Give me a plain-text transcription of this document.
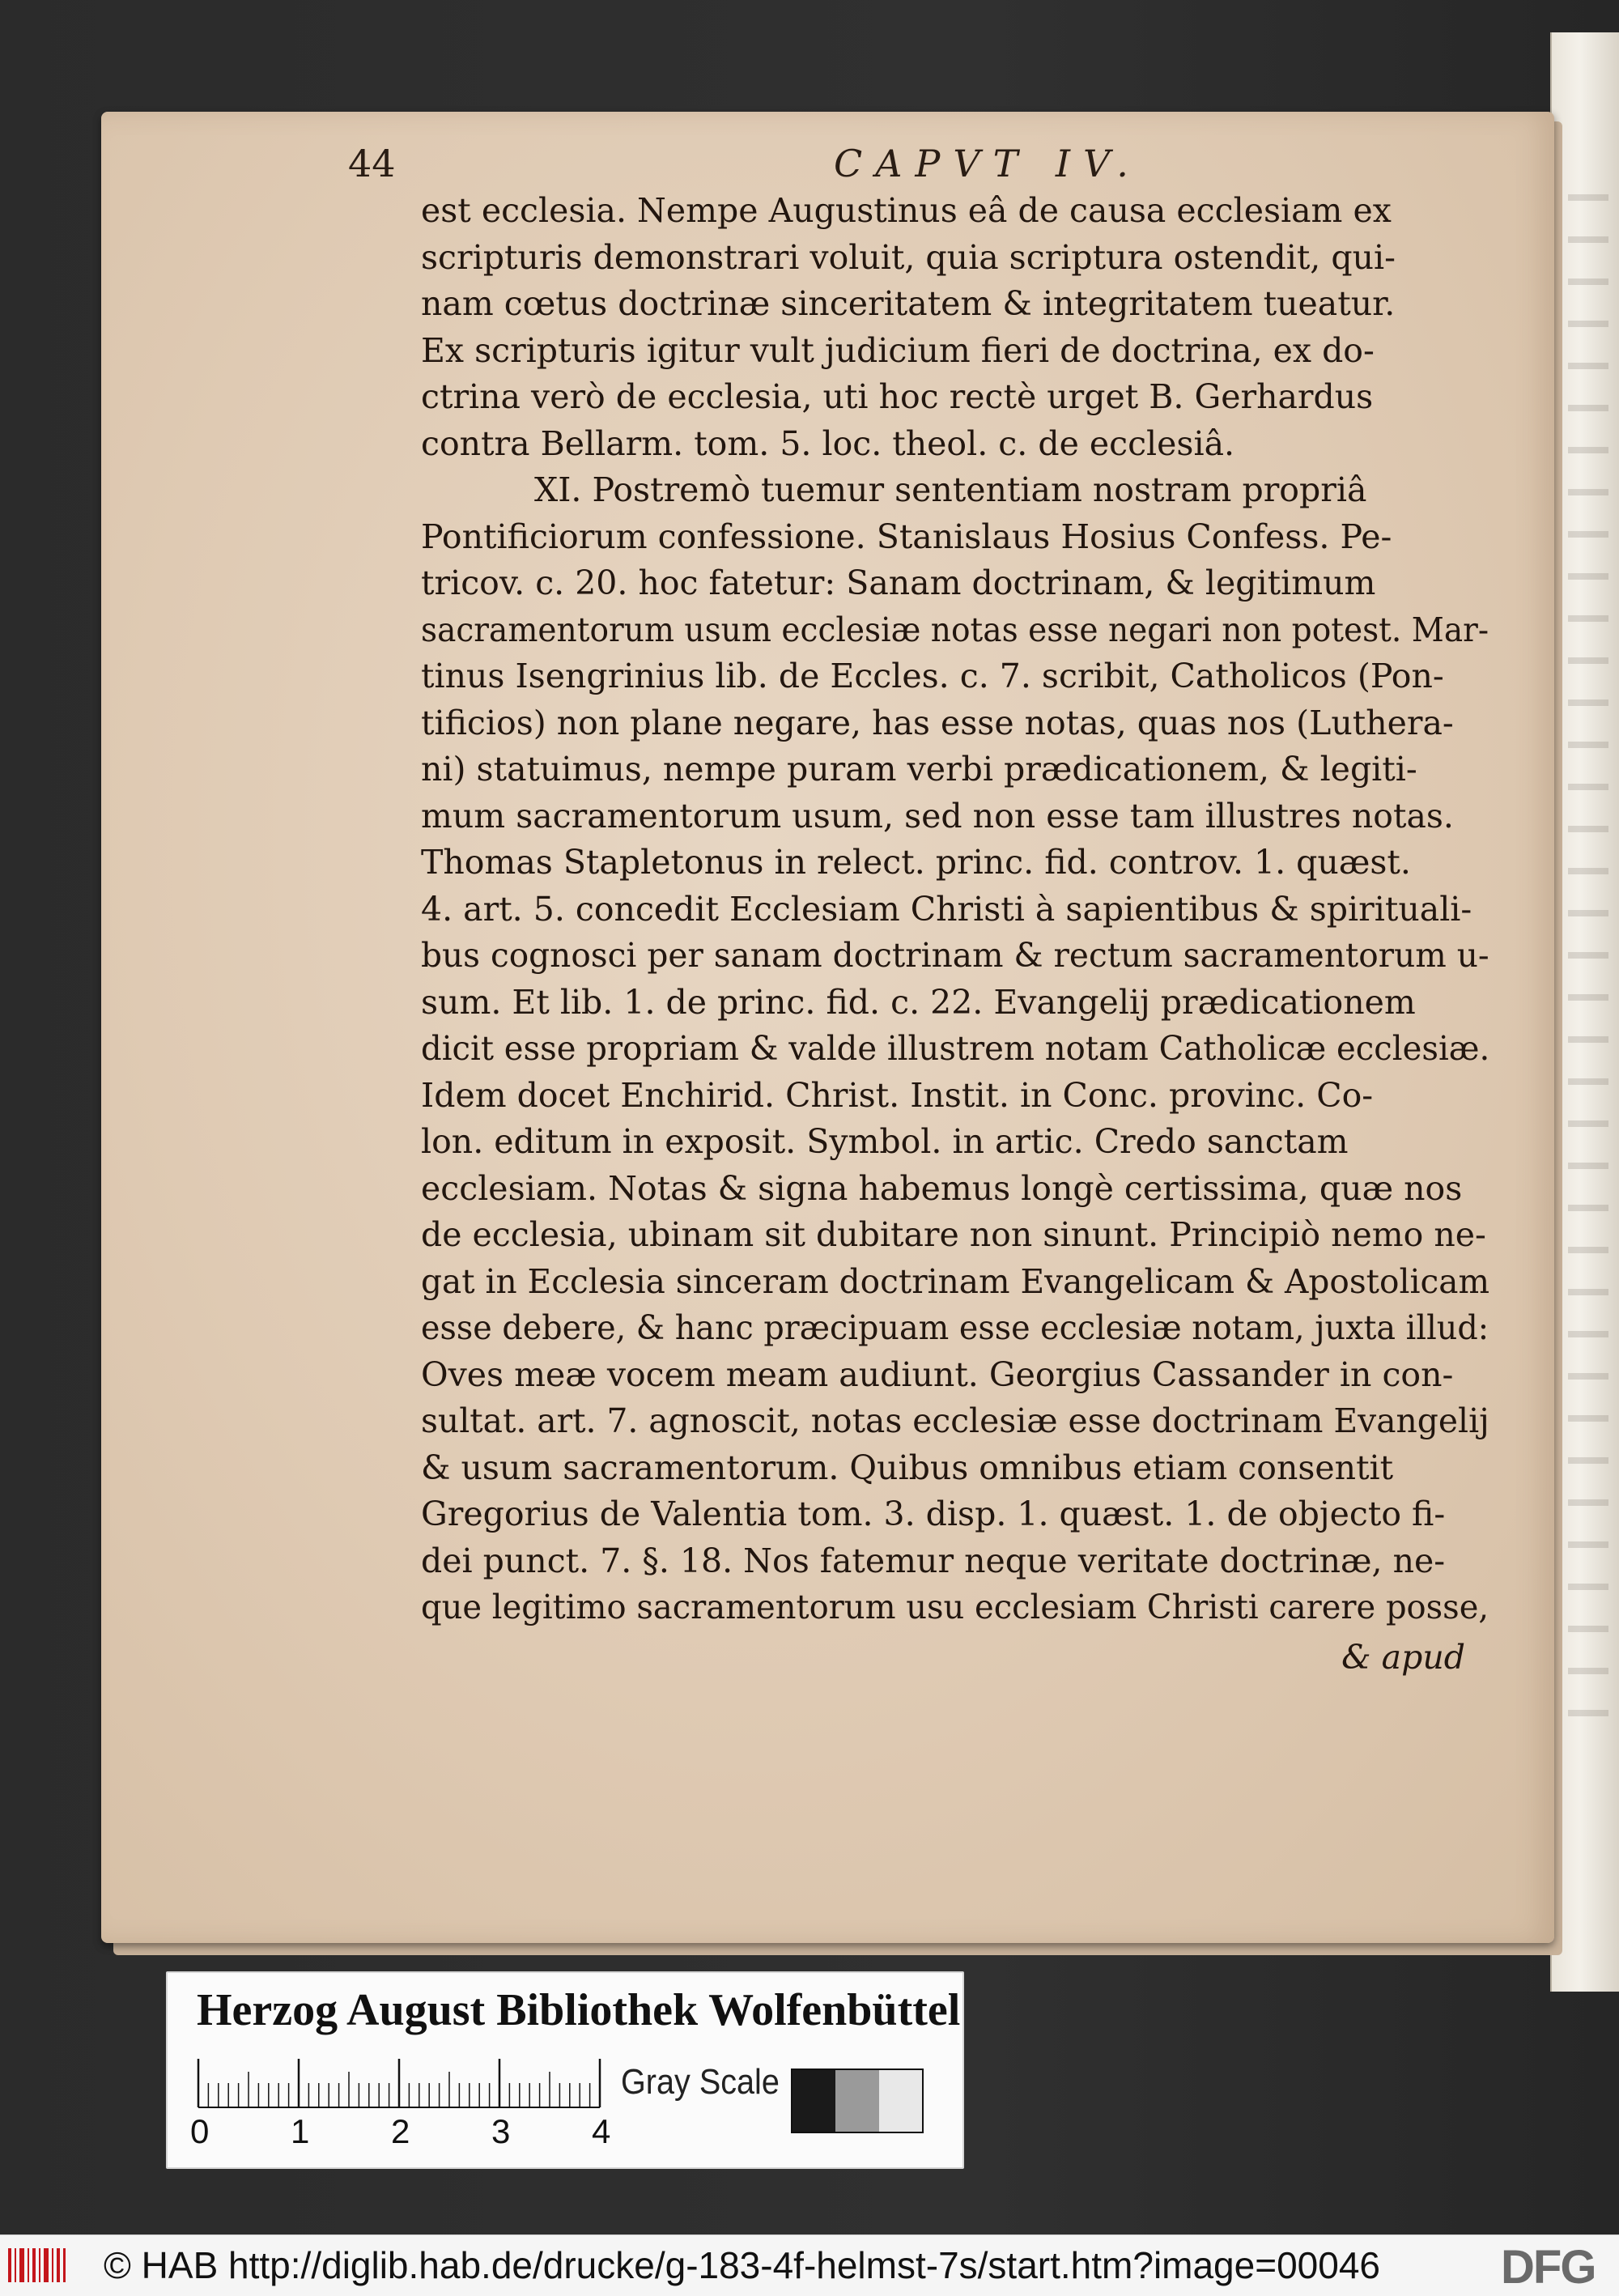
44	CAPVT IV.
est ecclesia. Nempe Augustinus eâ de causa ecclesiam ex
scripturis demonstrari voluit, quia scriptura ostendit, qui-
nam cœtus doctrinæ sinceritatem & integritatem tueatur.
Ex scripturis igitur vult judicium fieri de doctrina, ex do-
ctrina verò de ecclesia, uti hoc rectè urget B. Gerhardus
contra Bellarm. tom. 5. loc. theol. c. de ecclesiâ.
XI. Postremò tuemur sententiam nostram propriâ
Pontificiorum confessione. Stanislaus Hosius Confess. Pe-
tricov. c. 20. hoc fatetur: Sanam doctrinam, & legitimum
sacramentorum usum ecclesiæ notas esse negari non potest. Mar-
tinus Isengrinius lib. de Eccles. c. 7. scribit, Catholicos (Pon-
tificios) non plane negare, has esse notas, quas nos (Luthera-
ni) statuimus, nempe puram verbi prædicationem, & legiti-
mum sacramentorum usum, sed non esse tam illustres notas.
Thomas Stapletonus in relect. princ. fid. controv. 1. quæst.
4. art. 5. concedit Ecclesiam Christi à sapientibus & spirituali-
bus cognosci per sanam doctrinam & rectum sacramentorum u-
sum. Et lib. 1. de princ. fid. c. 22. Evangelij prædicationem
dicit esse propriam & valde illustrem notam Catholicæ ecclesiæ.
Idem docet Enchirid. Christ. Instit. in Conc. provinc. Co-
lon. editum in exposit. Symbol. in artic. Credo sanctam
ecclesiam. Notas & signa habemus longè certissima, quæ nos
de ecclesia, ubinam sit dubitare non sinunt. Principiò nemo ne-
gat in Ecclesia sinceram doctrinam Evangelicam & Apostolicam
esse debere, & hanc præcipuam esse ecclesiæ notam, juxta illud:
Oves meæ vocem meam audiunt. Georgius Cassander in con-
sultat. art. 7. agnoscit, notas ecclesiæ esse doctrinam Evangelij
& usum sacramentorum. Quibus omnibus etiam consentit
Gregorius de Valentia tom. 3. disp. 1. quæst. 1. de objecto fi-
dei punct. 7. §. 18. Nos fatemur neque veritate doctrinæ, ne-
que legitimo sacramentorum usu ecclesiam Christi carere posse,
& apud
Herzog August Bibliothek Wolfenbüttel
0 1 2 3 4
Gray Scale
© HAB http://diglib.hab.de/drucke/g-183-4f-helmst-7s/start.htm?image=00046	DFG
